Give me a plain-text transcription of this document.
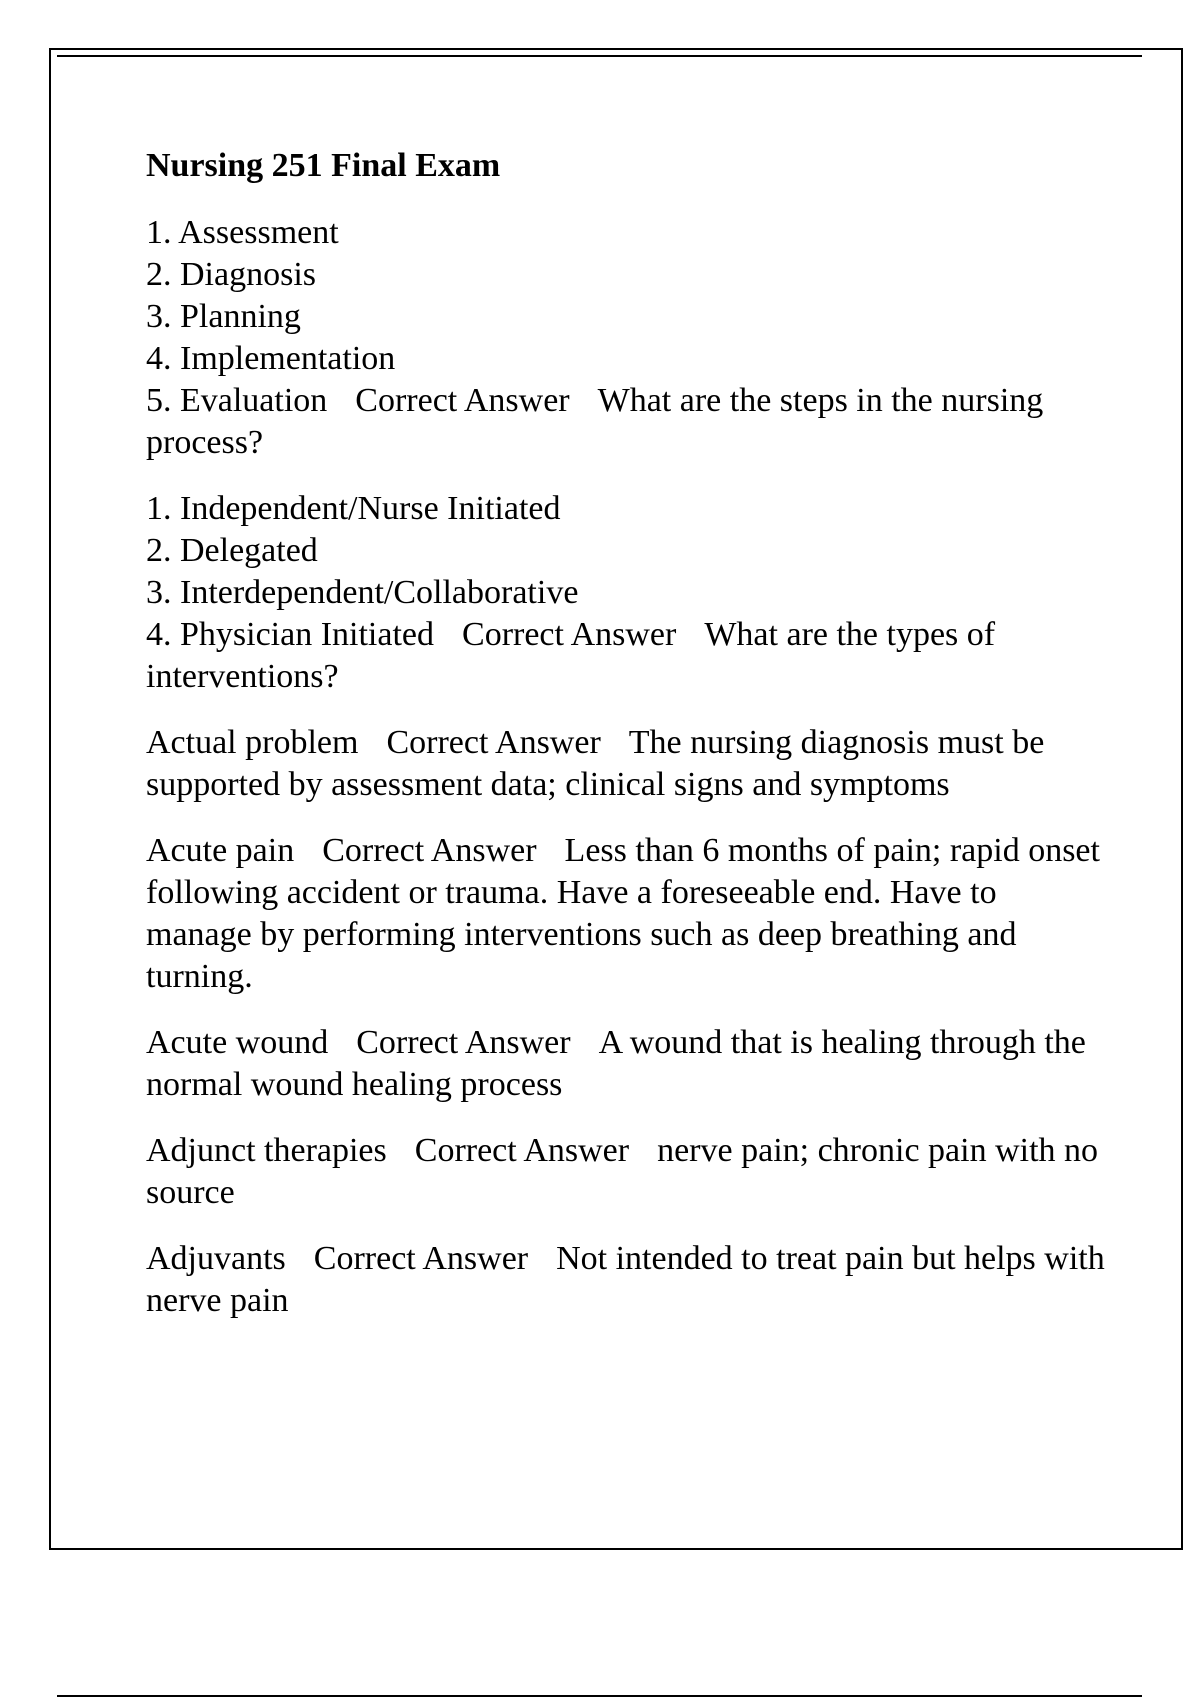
Nursing 251 Final Exam
1. Assessment
2. Diagnosis
3. Planning
4. Implementation
5. Evaluation Correct Answer What are the steps in the nursing process?
1. Independent/Nurse Initiated
2. Delegated
3. Interdependent/Collaborative
4. Physician Initiated Correct Answer What are the types of interventions?
Actual problem Correct Answer The nursing diagnosis must be supported by assessment data; clinical signs and symptoms
Acute pain Correct Answer Less than 6 months of pain; rapid onset following accident or trauma. Have a foreseeable end. Have to manage by performing interventions such as deep breathing and turning.
Acute wound Correct Answer A wound that is healing through the normal wound healing process
Adjunct therapies Correct Answer nerve pain; chronic pain with no source
Adjuvants Correct Answer Not intended to treat pain but helps with nerve pain
